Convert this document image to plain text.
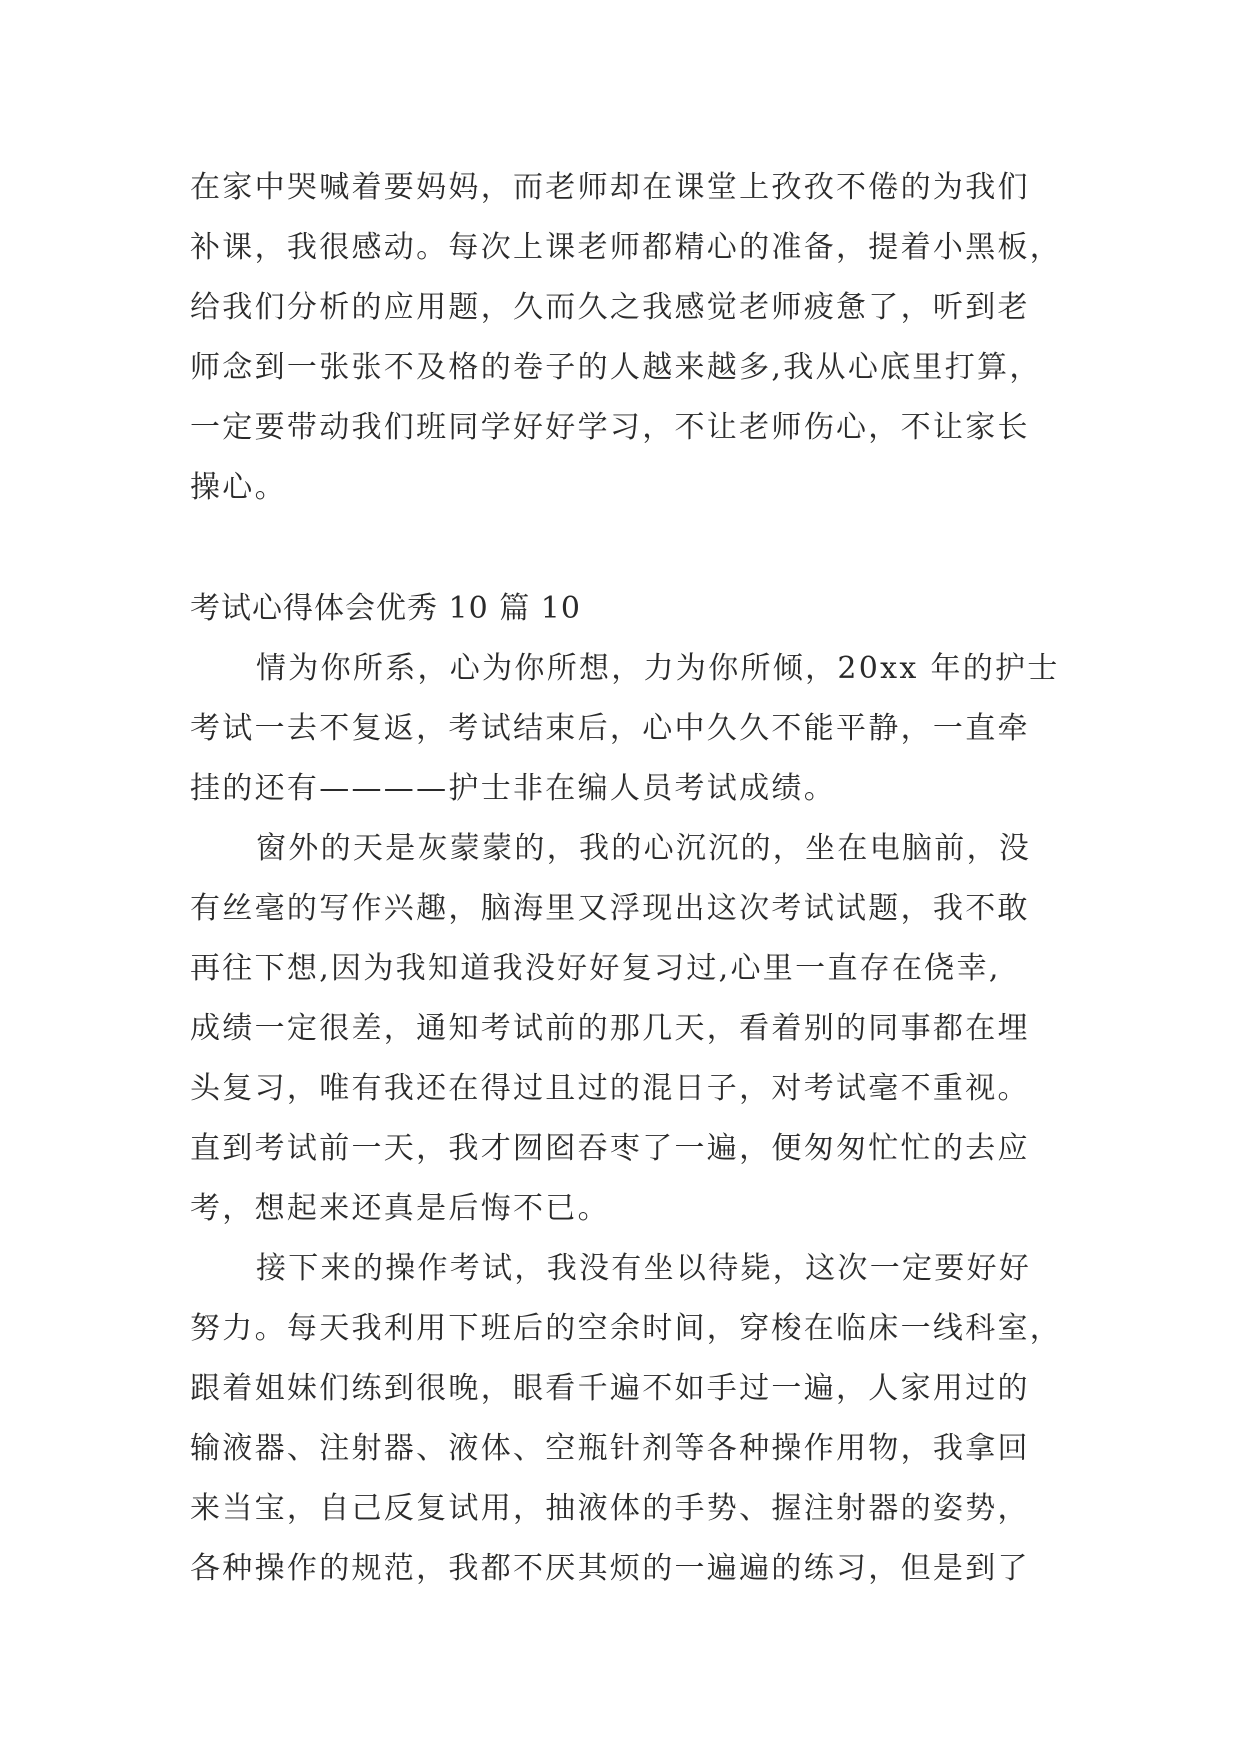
在家中哭喊着要妈妈，而老师却在课堂上孜孜不倦的为我们
补课，我很感动。每次上课老师都精心的准备，提着小黑板，
给我们分析的应用题，久而久之我感觉老师疲惫了，听到老
师念到一张张不及格的卷子的人越来越多,我从心底里打算，
一定要带动我们班同学好好学习，不让老师伤心，不让家长
操心。
考试心得体会优秀 10 篇 10
情为你所系，心为你所想，力为你所倾，20xx 年的护士
考试一去不复返，考试结束后，心中久久不能平静，一直牵
挂的还有————护士非在编人员考试成绩。
窗外的天是灰蒙蒙的，我的心沉沉的，坐在电脑前，没
有丝毫的写作兴趣，脑海里又浮现出这次考试试题，我不敢
再往下想,因为我知道我没好好复习过,心里一直存在侥幸,
成绩一定很差，通知考试前的那几天，看着别的同事都在埋
头复习，唯有我还在得过且过的混日子，对考试毫不重视。
直到考试前一天，我才囫囵吞枣了一遍，便匆匆忙忙的去应
考，想起来还真是后悔不已。
接下来的操作考试，我没有坐以待毙，这次一定要好好
努力。每天我利用下班后的空余时间，穿梭在临床一线科室，
跟着姐妹们练到很晚，眼看千遍不如手过一遍，人家用过的
输液器、注射器、液体、空瓶针剂等各种操作用物，我拿回
来当宝，自己反复试用，抽液体的手势、握注射器的姿势，
各种操作的规范，我都不厌其烦的一遍遍的练习，但是到了
